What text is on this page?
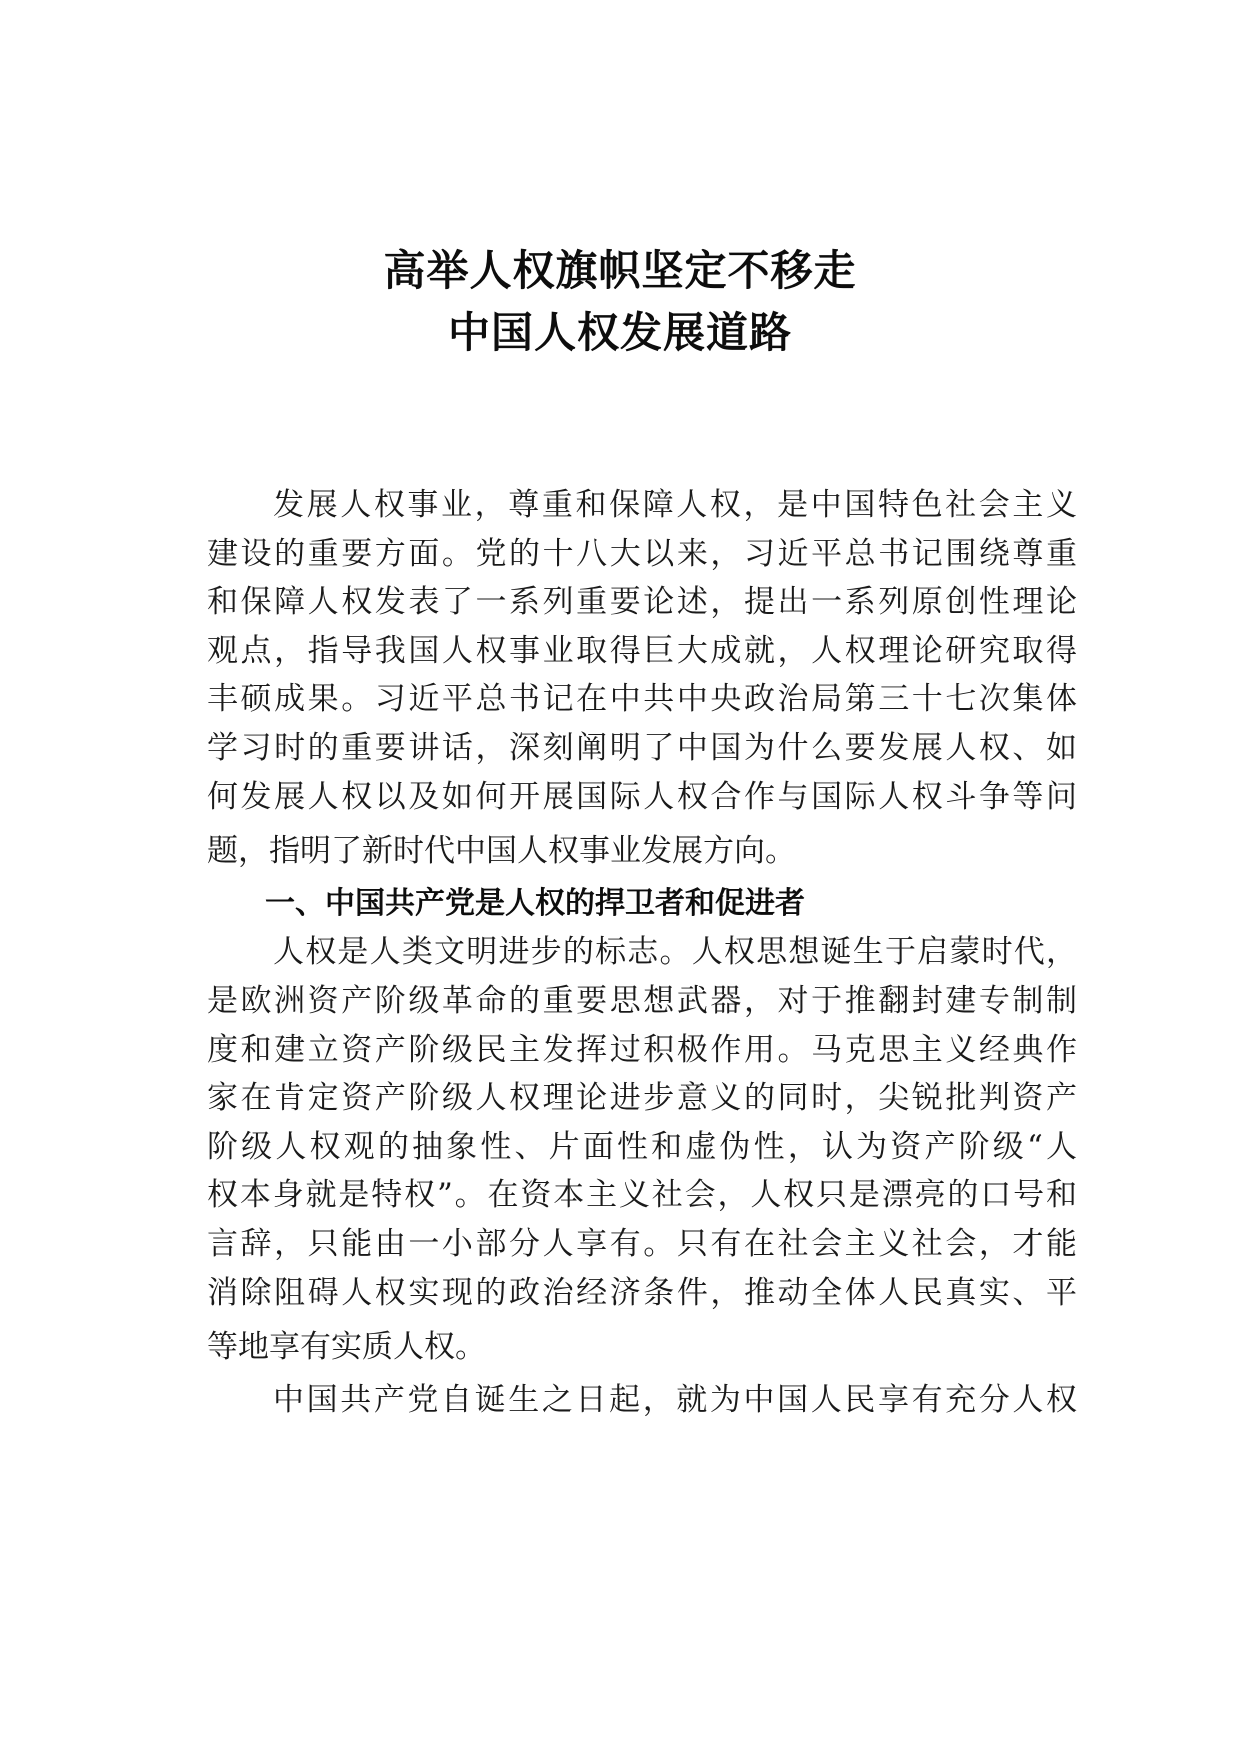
高举人权旗帜坚定不移走
中国人权发展道路
发展人权事业，尊重和保障人权，是中国特色社会主义
建设的重要方面。党的十八大以来，习近平总书记围绕尊重
和保障人权发表了一系列重要论述，提出一系列原创性理论
观点，指导我国人权事业取得巨大成就，人权理论研究取得
丰硕成果。习近平总书记在中共中央政治局第三十七次集体
学习时的重要讲话，深刻阐明了中国为什么要发展人权、如
何发展人权以及如何开展国际人权合作与国际人权斗争等问
题，指明了新时代中国人权事业发展方向。
一、中国共产党是人权的捍卫者和促进者
人权是人类文明进步的标志。人权思想诞生于启蒙时代，
是欧洲资产阶级革命的重要思想武器，对于推翻封建专制制
度和建立资产阶级民主发挥过积极作用。马克思主义经典作
家在肯定资产阶级人权理论进步意义的同时，尖锐批判资产
阶级人权观的抽象性、片面性和虚伪性，认为资产阶级“人
权本身就是特权”。在资本主义社会，人权只是漂亮的口号和
言辞，只能由一小部分人享有。只有在社会主义社会，才能
消除阻碍人权实现的政治经济条件，推动全体人民真实、平
等地享有实质人权。
中国共产党自诞生之日起，就为中国人民享有充分人权
